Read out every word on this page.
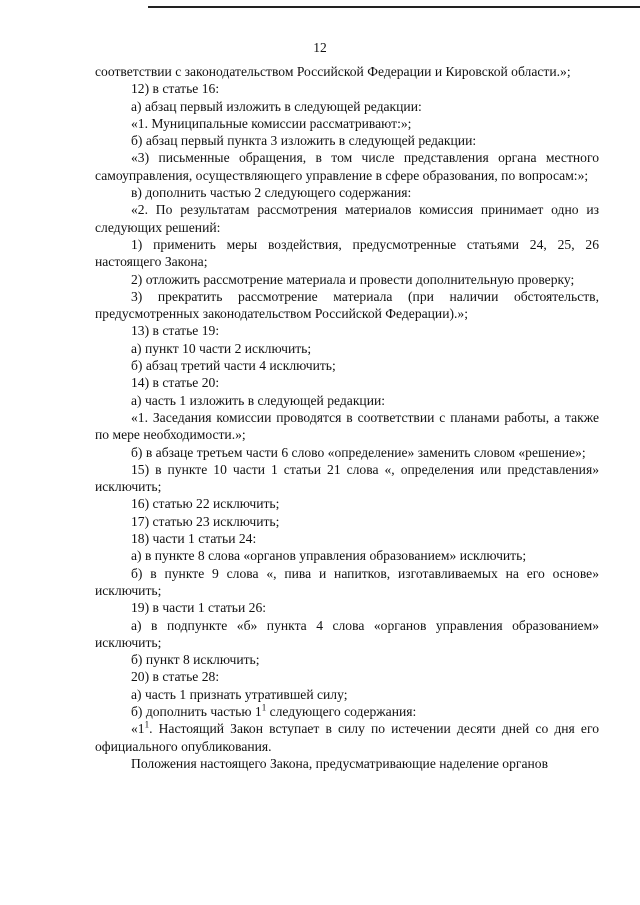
12

соответствии с законодательством Российской Федерации и Кировской области.»;

12) в статье 16:

а) абзац первый изложить в следующей редакции:

«1. Муниципальные комиссии рассматривают:»;

б) абзац первый пункта 3 изложить в следующей редакции:

«3) письменные обращения, в том числе представления органа местного самоуправления, осуществляющего управление в сфере образования, по вопросам:»;

в) дополнить частью 2 следующего содержания:

«2. По результатам рассмотрения материалов комиссия принимает одно из следующих решений:

1) применить меры воздействия, предусмотренные статьями 24, 25, 26 настоящего Закона;

2) отложить рассмотрение материала и провести дополнительную проверку;

3) прекратить рассмотрение материала (при наличии обстоятельств, предусмотренных законодательством Российской Федерации).»;

13) в статье 19:

а) пункт 10 части 2 исключить;

б) абзац третий части 4 исключить;

14) в статье 20:

а) часть 1 изложить в следующей редакции:

«1. Заседания комиссии проводятся в соответствии с планами работы, а также по мере необходимости.»;

б) в абзаце третьем части 6 слово «определение» заменить словом «решение»;

15) в пункте 10 части 1 статьи 21 слова «, определения или представления» исключить;

16) статью 22 исключить;

17) статью 23 исключить;

18) части 1 статьи 24:

а) в пункте 8 слова «органов управления образованием» исключить;

б) в пункте 9 слова «, пива и напитков, изготавливаемых на его основе» исключить;

19) в части 1 статьи 26:

а) в подпункте «б» пункта 4 слова «органов управления образованием» исключить;

б) пункт 8 исключить;

20) в статье 28:

а) часть 1 признать утратившей силу;

б) дополнить частью $1^1$ следующего содержания:

«$1^1$. Настоящий Закон вступает в силу по истечении десяти дней со дня его официального опубликования.

Положения настоящего Закона, предусматривающие наделение органов
